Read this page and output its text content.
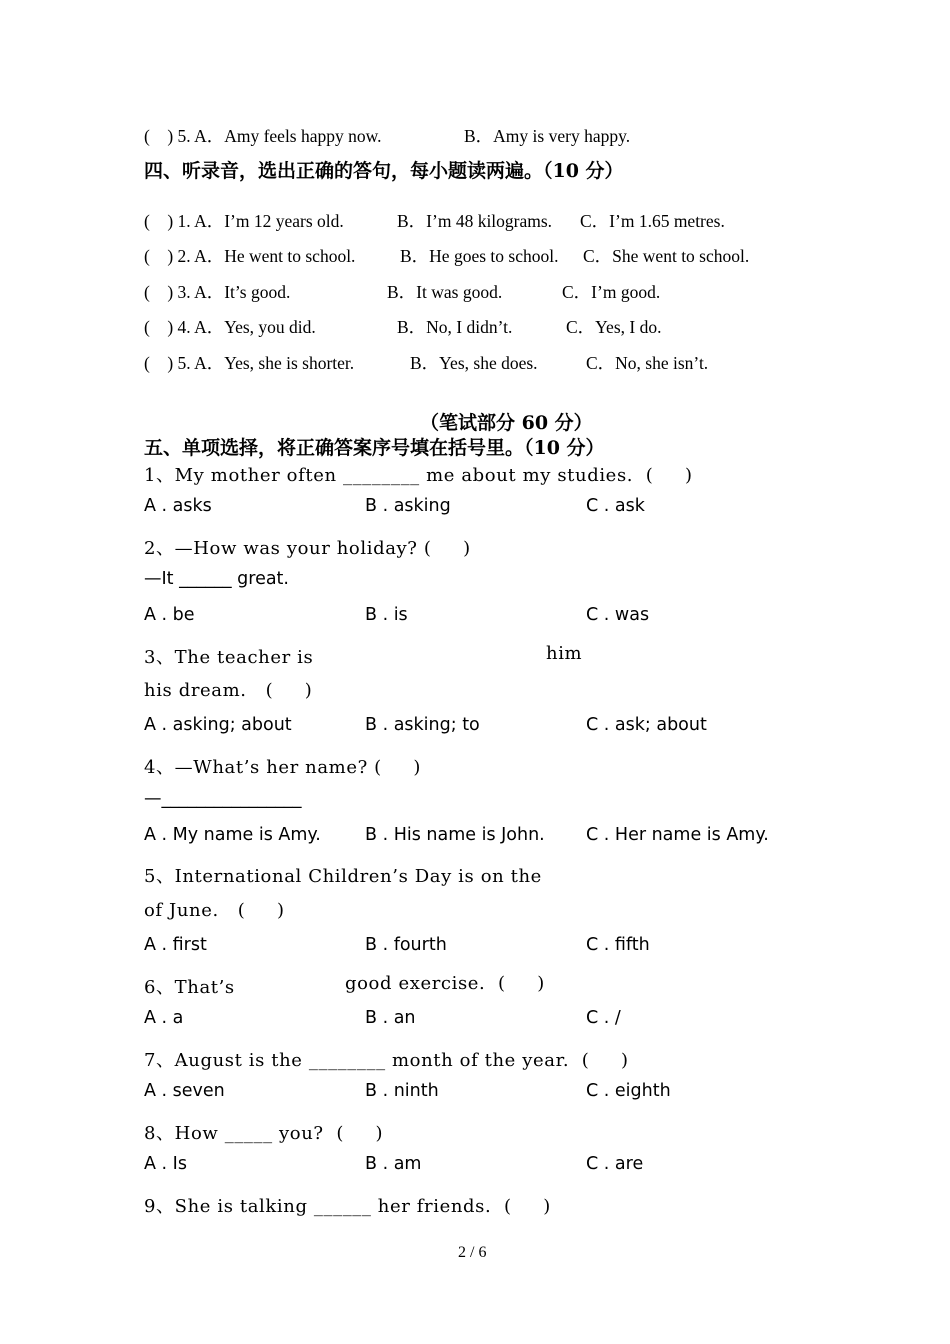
(    ) 5. A．Amy feels happy now.	B．Amy is very happy.
四、听录音，选出正确的答句，每小题读两遍。（10 分）
(    ) 1. A．I’m 12 years old.	B．I’m 48 kilograms. C．I’m 1.65 metres.
(    ) 2. A．He went to school.	B．He goes to school. C．She went to school.
(    ) 3. A．It’s good.	B．It was good.	C．I’m good.
(    ) 4. A．Yes, you did.	B．No, I didn’t.	C．Yes, I do.
(    ) 5. A．Yes, she is shorter.	B．Yes, she does.	C．No, she isn’t.
（笔试部分 60 分）
五、单项选择，将正确答案序号填在括号里。（10 分）
1、My mother often ________ me about my studies.  (     )
A . asks	B . asking	C . ask
2、—How was your holiday? (     )
—It ______ great.
A . be	B . is	C . was
3、The teacher is	him
his dream.   (     )
A . asking; about	B . asking; to	C . ask; about
4、—What’s her name? (     )
—________________
A . My name is Amy.	B . His name is John. C . Her name is Amy.
5、International Children’s Day is on the
of June.   (     )
A . first	B . fourth	C . fifth
6、That’s	good exercise.  (     )
A . a	B . an	C . /
7、August is the ________ month of the year.  (     )
A . seven	B . ninth	C . eighth
8、How _____ you?  (     )
A . Is	B . am	C . are
9、She is talking ______ her friends.  (     )
2 / 6
